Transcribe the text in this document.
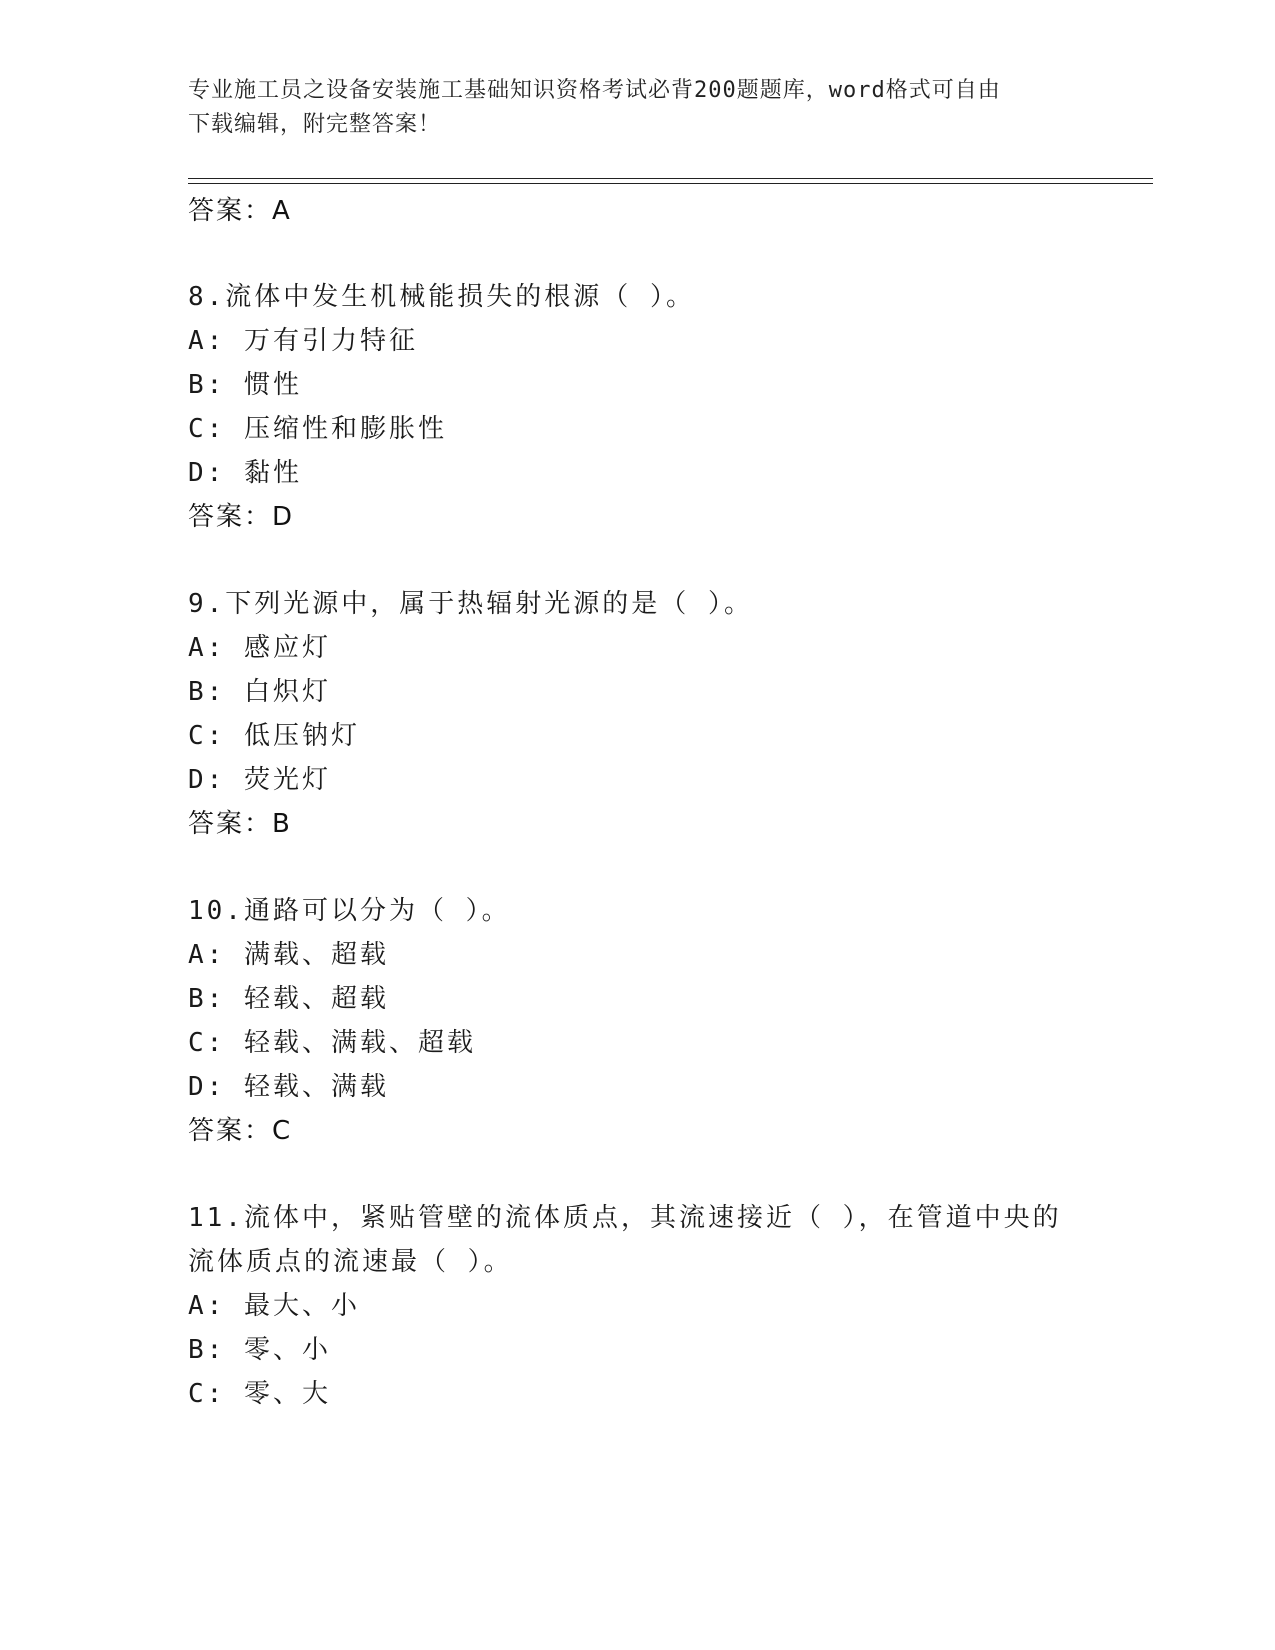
专业施工员之设备安装施工基础知识资格考试必背200题题库，word格式可自由
下载编辑，附完整答案！
答案：A
8.流体中发生机械能损失的根源（ ）。
A: 万有引力特征
B: 惯性
C: 压缩性和膨胀性
D: 黏性
答案：D
9.下列光源中，属于热辐射光源的是（ ）。
A: 感应灯
B: 白炽灯
C: 低压钠灯
D: 荧光灯
答案：B
10.通路可以分为（ ）。
A: 满载、超载
B: 轻载、超载
C: 轻载、满载、超载
D: 轻载、满载
答案：C
11.流体中，紧贴管壁的流体质点，其流速接近（ ），在管道中央的
流体质点的流速最（ ）。
A: 最大、小
B: 零、小
C: 零、大
